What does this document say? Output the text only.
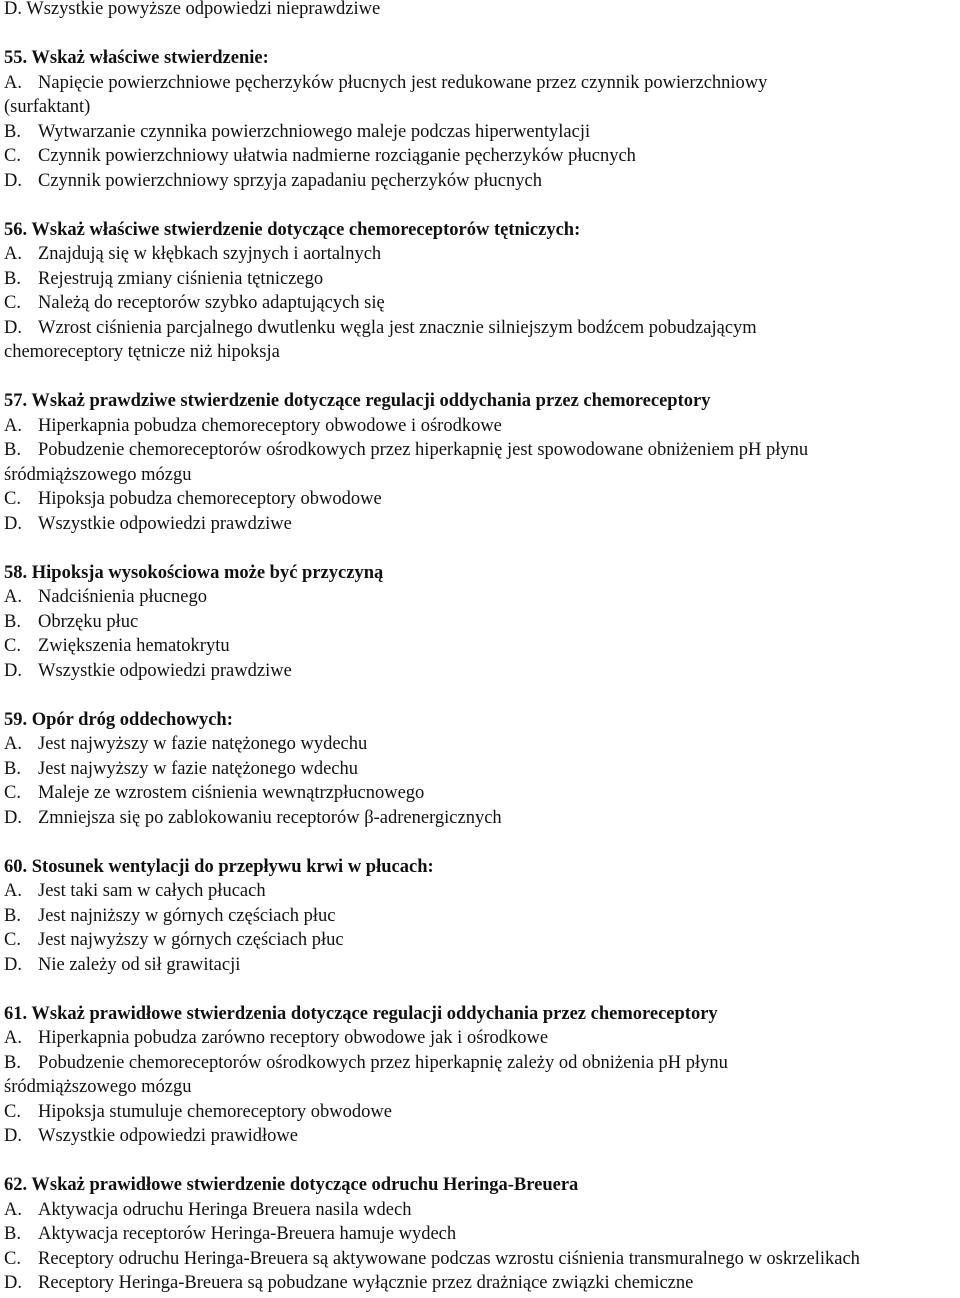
D. Wszystkie powyższe odpowiedzi nieprawdziwe
55. Wskaż właściwe stwierdzenie:
A. Napięcie powierzchniowe pęcherzyków płucnych jest redukowane przez czynnik powierzchniowy
(surfaktant)
B. Wytwarzanie czynnika powierzchniowego maleje podczas hiperwentylacji
C. Czynnik powierzchniowy ułatwia nadmierne rozciąganie pęcherzyków płucnych
D. Czynnik powierzchniowy sprzyja zapadaniu pęcherzyków płucnych
56. Wskaż właściwe stwierdzenie dotyczące chemoreceptorów tętniczych:
A. Znajdują się w kłębkach szyjnych i aortalnych
B. Rejestrują zmiany ciśnienia tętniczego
C. Należą do receptorów szybko adaptujących się
D. Wzrost ciśnienia parcjalnego dwutlenku węgla jest znacznie silniejszym bodźcem pobudzającym
chemoreceptory tętnicze niż hipoksja
57. Wskaż prawdziwe stwierdzenie dotyczące regulacji oddychania przez chemoreceptory
A. Hiperkapnia pobudza chemoreceptory obwodowe i ośrodkowe
B. Pobudzenie chemoreceptorów ośrodkowych przez hiperkapnię jest spowodowane obniżeniem pH płynu
śródmiąższowego mózgu
C. Hipoksja pobudza chemoreceptory obwodowe
D. Wszystkie odpowiedzi prawdziwe
58. Hipoksja wysokościowa może być przyczyną
A. Nadciśnienia płucnego
B. Obrzęku płuc
C. Zwiększenia hematokrytu
D. Wszystkie odpowiedzi prawdziwe
59. Opór dróg oddechowych:
A. Jest najwyższy w fazie natężonego wydechu
B. Jest najwyższy w fazie natężonego wdechu
C. Maleje ze wzrostem ciśnienia wewnątrzpłucnowego
D. Zmniejsza się po zablokowaniu receptorów β-adrenergicznych
60. Stosunek wentylacji do przepływu krwi w płucach:
A. Jest taki sam w całych płucach
B. Jest najniższy w górnych częściach płuc
C. Jest najwyższy w górnych częściach płuc
D. Nie zależy od sił grawitacji
61. Wskaż prawidłowe stwierdzenia dotyczące regulacji oddychania przez chemoreceptory
A. Hiperkapnia pobudza zarówno receptory obwodowe jak i ośrodkowe
B. Pobudzenie chemoreceptorów ośrodkowych przez hiperkapnię zależy od obniżenia pH płynu
śródmiąższowego mózgu
C. Hipoksja stumuluje chemoreceptory obwodowe
D. Wszystkie odpowiedzi prawidłowe
62. Wskaż prawidłowe stwierdzenie dotyczące odruchu Heringa-Breuera
A. Aktywacja odruchu Heringa Breuera nasila wdech
B. Aktywacja receptorów Heringa-Breuera hamuje wydech
C. Receptory odruchu Heringa-Breuera są aktywowane podczas wzrostu ciśnienia transmuralnego w oskrzelikach
D. Receptory Heringa-Breuera są pobudzane wyłącznie przez drażniące związki chemiczne
